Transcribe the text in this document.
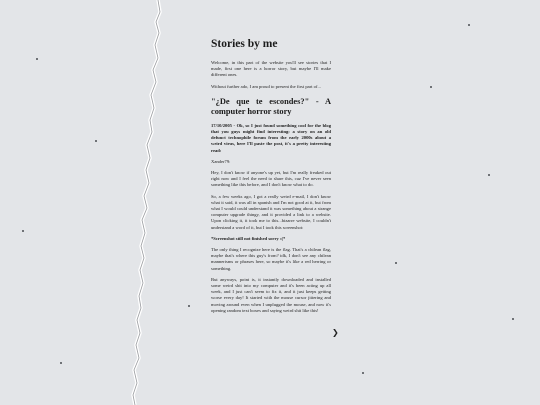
Stories by me

Welcome, in this part of the website you'll see stories that I made, first one here is a horror story, but maybe I'll make different ones.

Without further ado, I am proud to present the first part of...

"¿De que te escondes?" - A computer horror story

17/10/2005 - Ok, so I just found something cool for the blog that you guys might find interesting: a story on an old defunct technophile forum from the early 2000s about a weird virus, here I'll paste the post, it's a pretty interesting read:

Xander79:

Hey, I don't know if anyone's up yet, but I'm really freaked out right now and I feel the need to share this, cuz I've never seen something like this before, and I don't know what to do.

So, a few weeks ago, I got a really weird e-mail, I don't know what it said, it was all in spanish and I'm not good at it, but from what I would could understand it was something about a strange computer upgrade thingy, and it provided a link to a website. Upon clicking it, it took me to this...bizarre website, I couldn't understand a word of it, but I took this screenshot:

*Screenshot still not finished sorry :(*

The only thing I recognize here is the flag. That's a chilean flag, maybe that's where this guy's from? idk, I don't see any chilean mannerisms or phrases here, so maybe it's like a red herring or something.

But anyways, point is, it instantly downloaded and installed some weird shit into my computer and it's been acting up all week, and I just can't seem to fix it, and it just keeps getting worse every day! It started with the mouse cursor jittering and moving around even when I unplugged the mouse, and now it's opening random text boxes and saying weird shit like this!

❯
